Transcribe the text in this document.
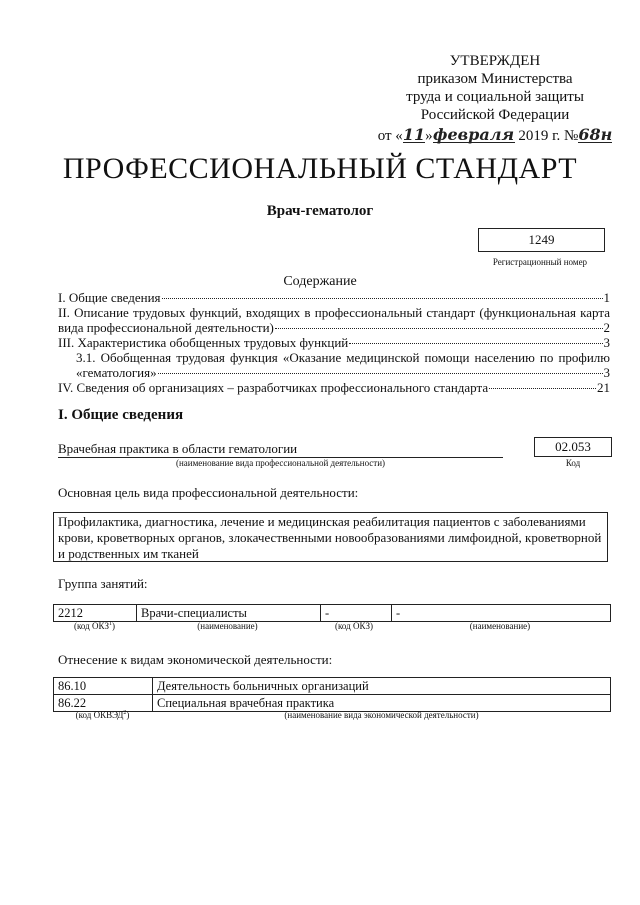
УТВЕРЖДЕН
приказом Министерства
труда и социальной защиты
Российской Федерации
от «11»февраля 2019 г. №68н
ПРОФЕССИОНАЛЬНЫЙ СТАНДАРТ
Врач-гематолог
1249
Регистрационный номер
Содержание
I. Общие сведения	1
II. Описание трудовых функций, входящих в профессиональный стандарт (функциональная карта
вида профессиональной деятельности)	2
III. Характеристика обобщенных трудовых функций	3
3.1. Обобщенная трудовая функция «Оказание медицинской помощи населению по профилю
«гематология»	3
IV. Сведения об организациях – разработчиках профессионального стандарта	21
I. Общие сведения
Врачебная практика в области гематологии	02.053
(наименование вида профессиональной деятельности)	Код
Основная цель вида профессиональной деятельности:
Профилактика, диагностика, лечение и медицинская реабилитация пациентов с заболеваниями крови, кроветворных органов, злокачественными новообразованиями лимфоидной, кроветворной и родственных им тканей
Группа занятий:
2212	Врачи-специалисты	-	-
(код ОКЗ$^1$)	(наименование)	(код ОКЗ)	(наименование)
Отнесение к видам экономической деятельности:
86.10	Деятельность больничных организаций
86.22	Специальная врачебная практика
(код ОКВЭД$^2$)	(наименование вида экономической деятельности)
